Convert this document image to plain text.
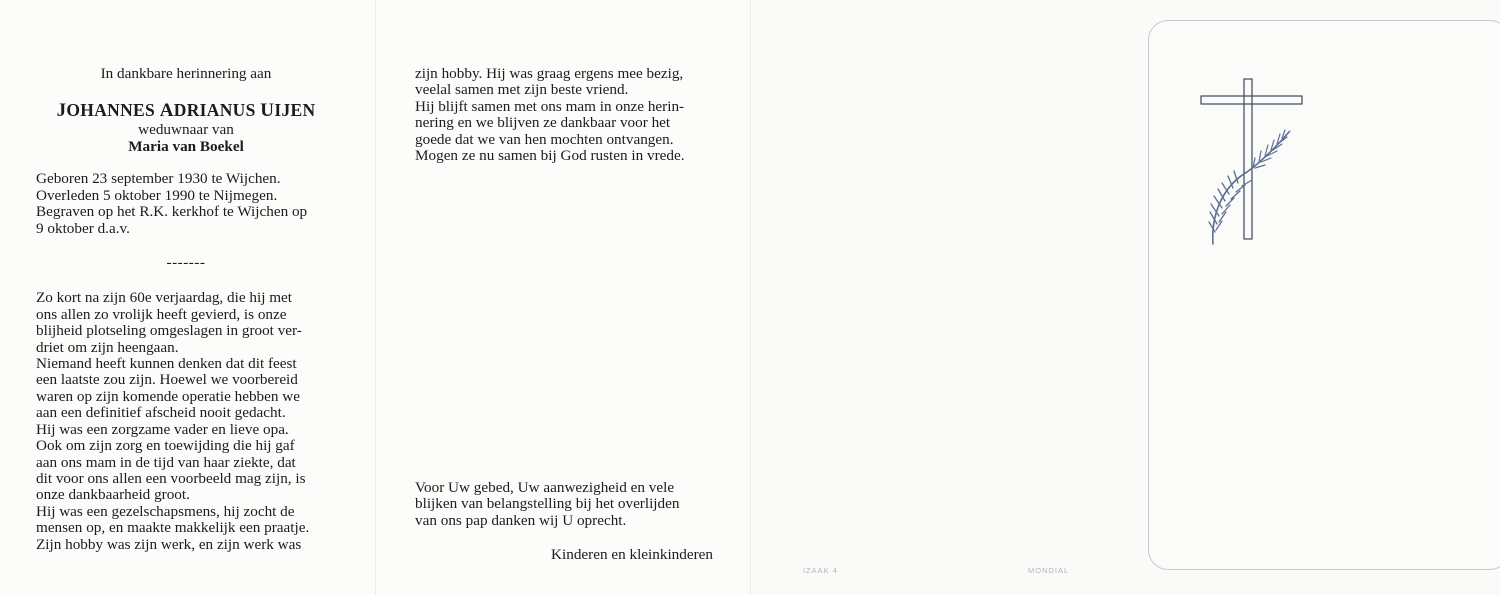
In dankbare herinnering aan

JOHANNES ADRIANUS UIJEN

weduwnaar van

Maria van Boekel

Geboren 23 september 1930 te Wijchen.
Overleden 5 oktober 1990 te Nijmegen.
Begraven op het R.K. kerkhof te Wijchen op
9 oktober d.a.v.
-------
Zo kort na zijn 60e verjaardag, die hij met
ons allen zo vrolijk heeft gevierd, is onze
blijheid plotseling omgeslagen in groot ver-
driet om zijn heengaan.
Niemand heeft kunnen denken dat dit feest
een laatste zou zijn. Hoewel we voorbereid
waren op zijn komende operatie hebben we
aan een definitief afscheid nooit gedacht.
Hij was een zorgzame vader en lieve opa.
Ook om zijn zorg en toewijding die hij gaf
aan ons mam in de tijd van haar ziekte, dat
dit voor ons allen een voorbeeld mag zijn, is
onze dankbaarheid groot.
Hij was een gezelschapsmens, hij zocht de
mensen op, en maakte makkelijk een praatje.
Zijn hobby was zijn werk, en zijn werk was
zijn hobby. Hij was graag ergens mee bezig,
veelal samen met zijn beste vriend.
Hij blijft samen met ons mam in onze herin-
nering en we blijven ze dankbaar voor het
goede dat we van hen mochten ontvangen.
Mogen ze nu samen bij God rusten in vrede.
Voor Uw gebed, Uw aanwezigheid en vele
blijken van belangstelling bij het overlijden
van ons pap danken wij U oprecht.
Kinderen en kleinkinderen
IZAAK 4	MONDIAL
